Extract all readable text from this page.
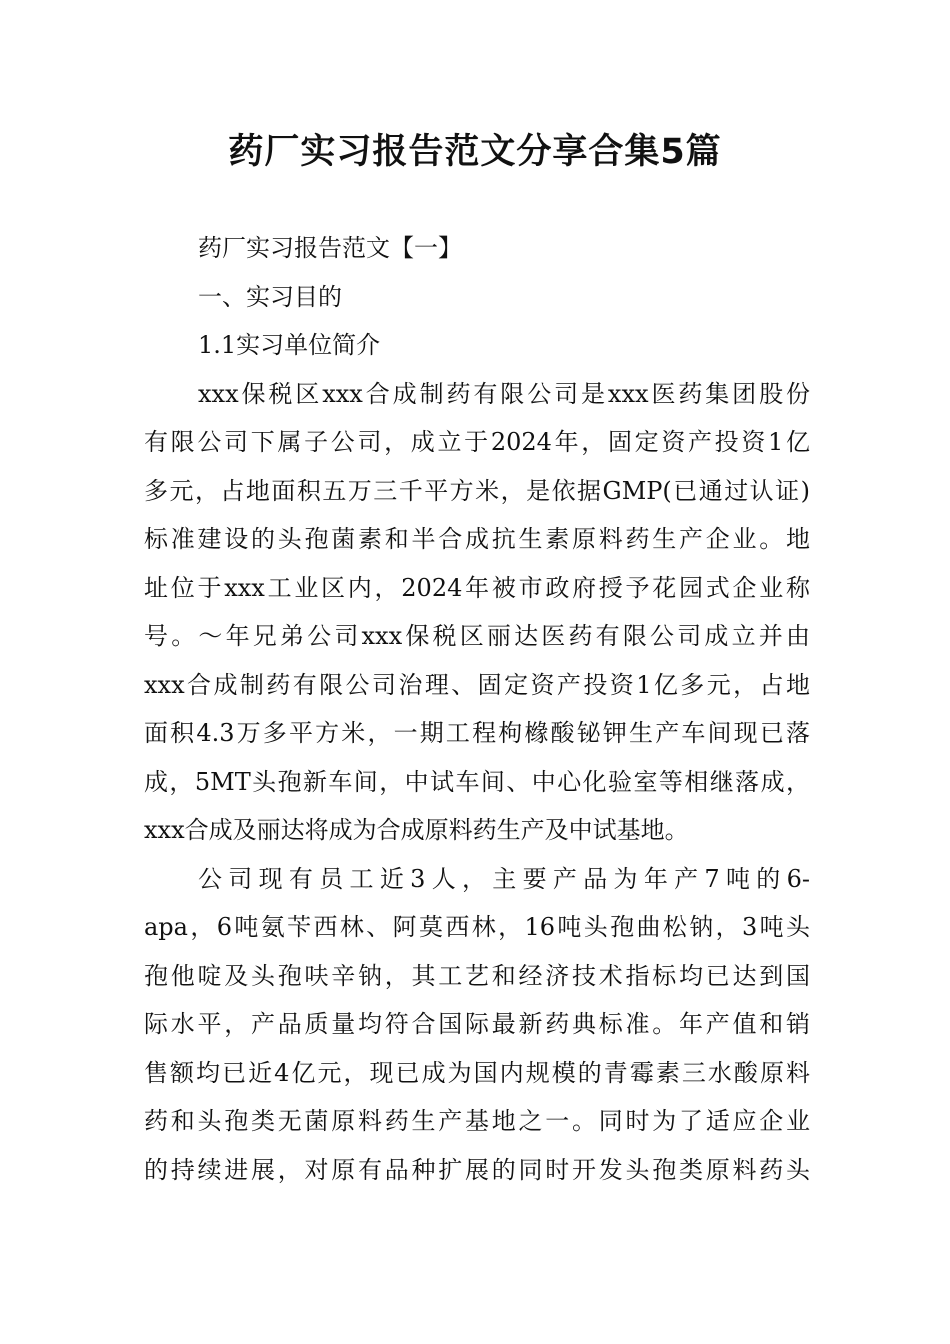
药厂实习报告范文分享合集5篇
药厂实习报告范文【一】
一、实习目的
1.1实习单位简介
xxx保税区xxx合成制药有限公司是xxx医药集团股份
有限公司下属子公司，成立于2024年，固定资产投资1亿
多元，占地面积五万三千平方米，是依据GMP(已通过认证)
标准建设的头孢菌素和半合成抗生素原料药生产企业。地
址位于xxx工业区内，2024年被市政府授予花园式企业称
号。～年兄弟公司xxx保税区丽达医药有限公司成立并由
xxx合成制药有限公司治理、固定资产投资1亿多元，占地
面积4.3万多平方米，一期工程枸橼酸铋钾生产车间现已落
成，5MT头孢新车间，中试车间、中心化验室等相继落成，
xxx合成及丽达将成为合成原料药生产及中试基地。
公司现有员工近3人，主要产品为年产7吨的6-
apa，6吨氨苄西林、阿莫西林，16吨头孢曲松钠，3吨头
孢他啶及头孢呋辛钠，其工艺和经济技术指标均已达到国
际水平，产品质量均符合国际最新药典标准。年产值和销
售额均已近4亿元，现已成为国内规模的青霉素三水酸原料
药和头孢类无菌原料药生产基地之一。同时为了适应企业
的持续进展，对原有品种扩展的同时开发头孢类原料药头
